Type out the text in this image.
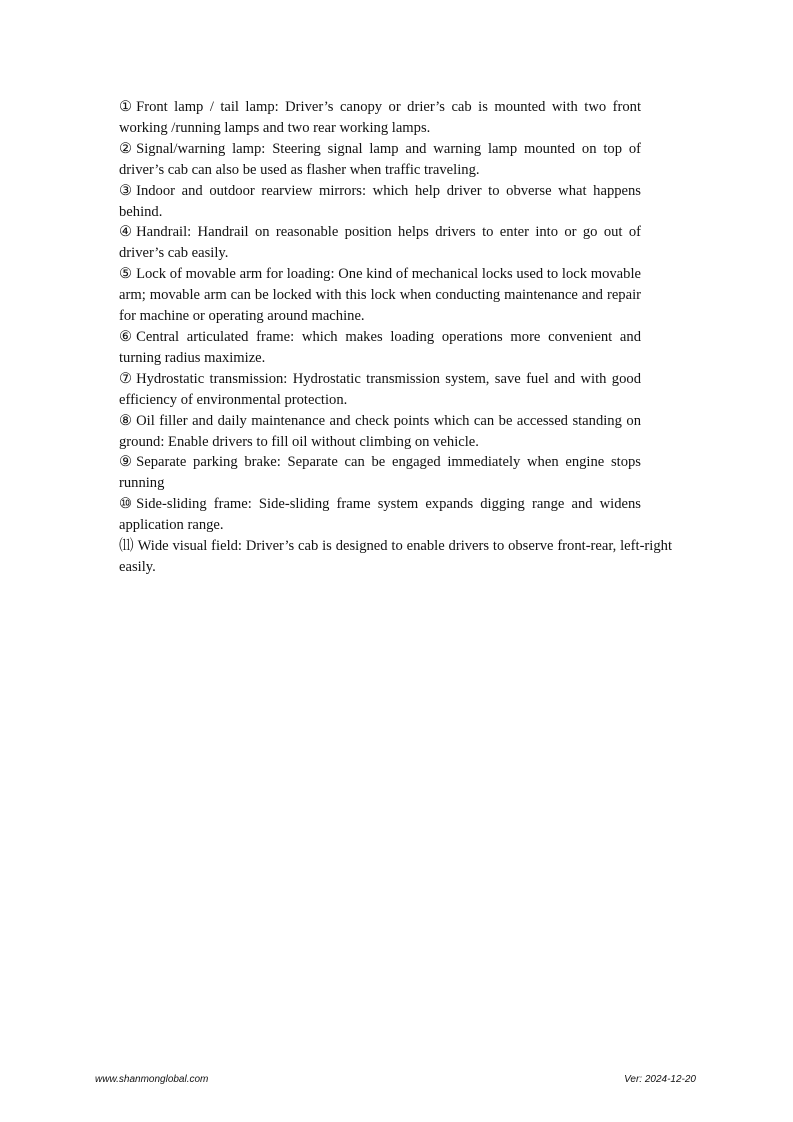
① Front lamp / tail lamp: Driver’s canopy or drier’s cab is mounted with two front working /running lamps and two rear working lamps.

② Signal/warning lamp: Steering signal lamp and warning lamp mounted on top of driver’s cab can also be used as flasher when traffic traveling.

③ Indoor and outdoor rearview mirrors: which help driver to obverse what happens behind.

④ Handrail: Handrail on reasonable position helps drivers to enter into or go out of driver’s cab easily.

⑤ Lock of movable arm for loading: One kind of mechanical locks used to lock movable arm; movable arm can be locked with this lock when conducting maintenance and repair for machine or operating around machine.

⑥ Central articulated frame: which makes loading operations more convenient and turning radius maximize.

⑦ Hydrostatic transmission: Hydrostatic transmission system, save fuel and with good efficiency of environmental protection.

⑧ Oil filler and daily maintenance and check points which can be accessed standing on ground: Enable drivers to fill oil without climbing on vehicle.

⑨ Separate parking brake: Separate can be engaged immediately when engine stops running

⑩ Side-sliding frame: Side-sliding frame system expands digging range and widens application range.

⑾ Wide visual field: Driver’s cab is designed to enable drivers to observe front-rear, left-right easily.

www.shanmonglobal.com	Ver: 2024-12-20
